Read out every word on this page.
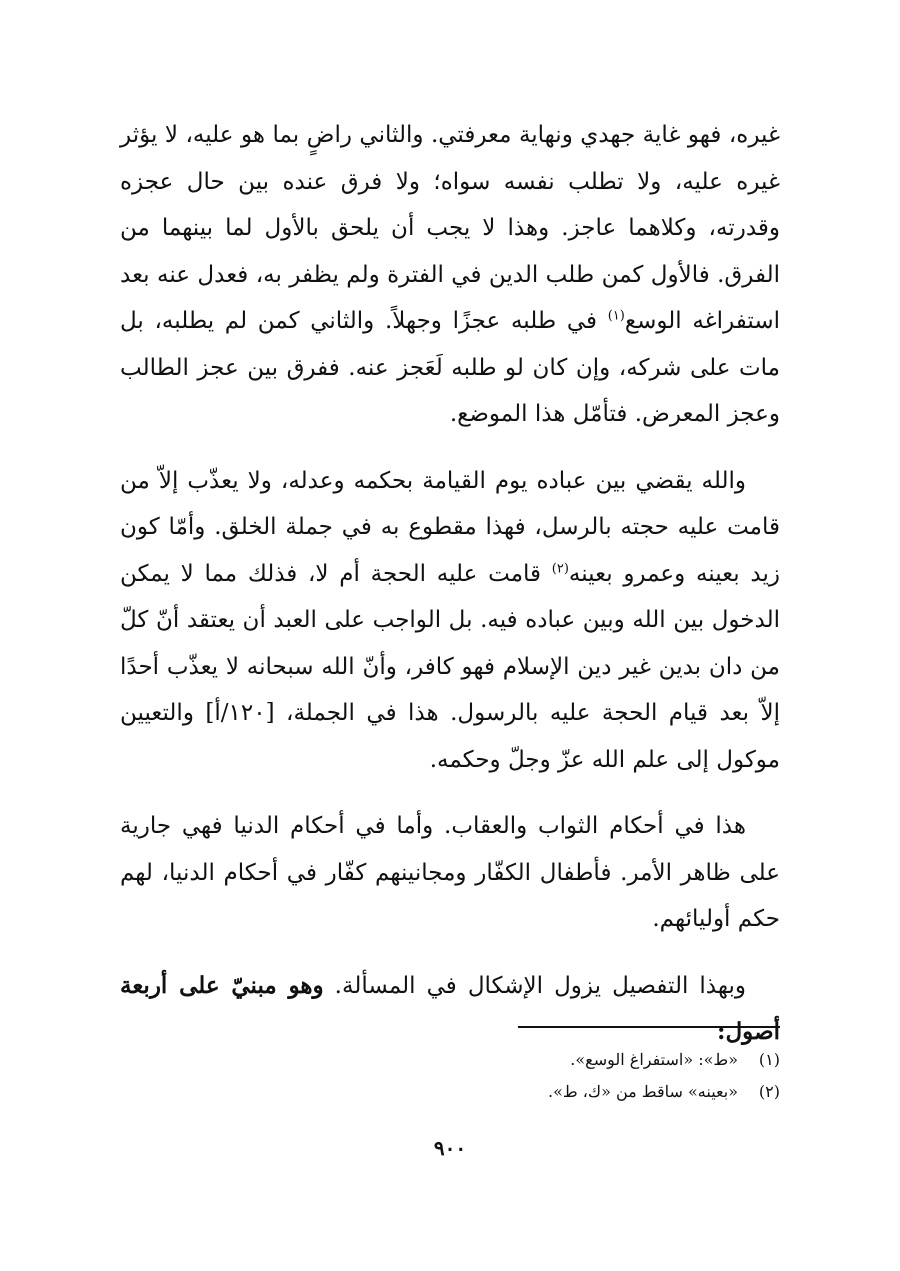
غيره، فهو غاية جهدي ونهاية معرفتي. والثاني راضٍ بما هو عليه، لا يؤثر غيره عليه، ولا تطلب نفسه سواه؛ ولا فرق عنده بين حال عجزه وقدرته، وكلاهما عاجز. وهذا لا يجب أن يلحق بالأول لما بينهما من الفرق. فالأول كمن طلب الدين في الفترة ولم يظفر به، فعدل عنه بعد استفراغه الوسع$^{(١)}$ في طلبه عجزًا وجهلاً. والثاني كمن لم يطلبه، بل مات على شركه، وإن كان لو طلبه لَعَجز عنه. ففرق بين عجز الطالب وعجز المعرض. فتأمّل هذا الموضع.

والله يقضي بين عباده يوم القيامة بحكمه وعدله، ولا يعذّب إلاّ من قامت عليه حجته بالرسل، فهذا مقطوع به في جملة الخلق. وأمّا كون زيد بعينه وعمرو بعينه$^{(٢)}$ قامت عليه الحجة أم لا، فذلك مما لا يمكن الدخول بين الله وبين عباده فيه. بل الواجب على العبد أن يعتقد أنّ كلّ من دان بدين غير دين الإسلام فهو كافر، وأنّ الله سبحانه لا يعذّب أحدًا إلاّ بعد قيام الحجة عليه بالرسول. هذا في الجملة، [١٢٠/أ] والتعيين موكول إلى علم الله عزّ وجلّ وحكمه.

هذا في أحكام الثواب والعقاب. وأما في أحكام الدنيا فهي جارية على ظاهر الأمر. فأطفال الكفّار ومجانينهم كفّار في أحكام الدنيا، لهم حكم أوليائهم.

وبهذا التفصيل يزول الإشكال في المسألة. وهو مبنيّ على أربعة أصول:

(١)
«ط»: «استفراغ الوسع».
(٢)
«بعينه» ساقط من «ك، ط».
٩٠٠
